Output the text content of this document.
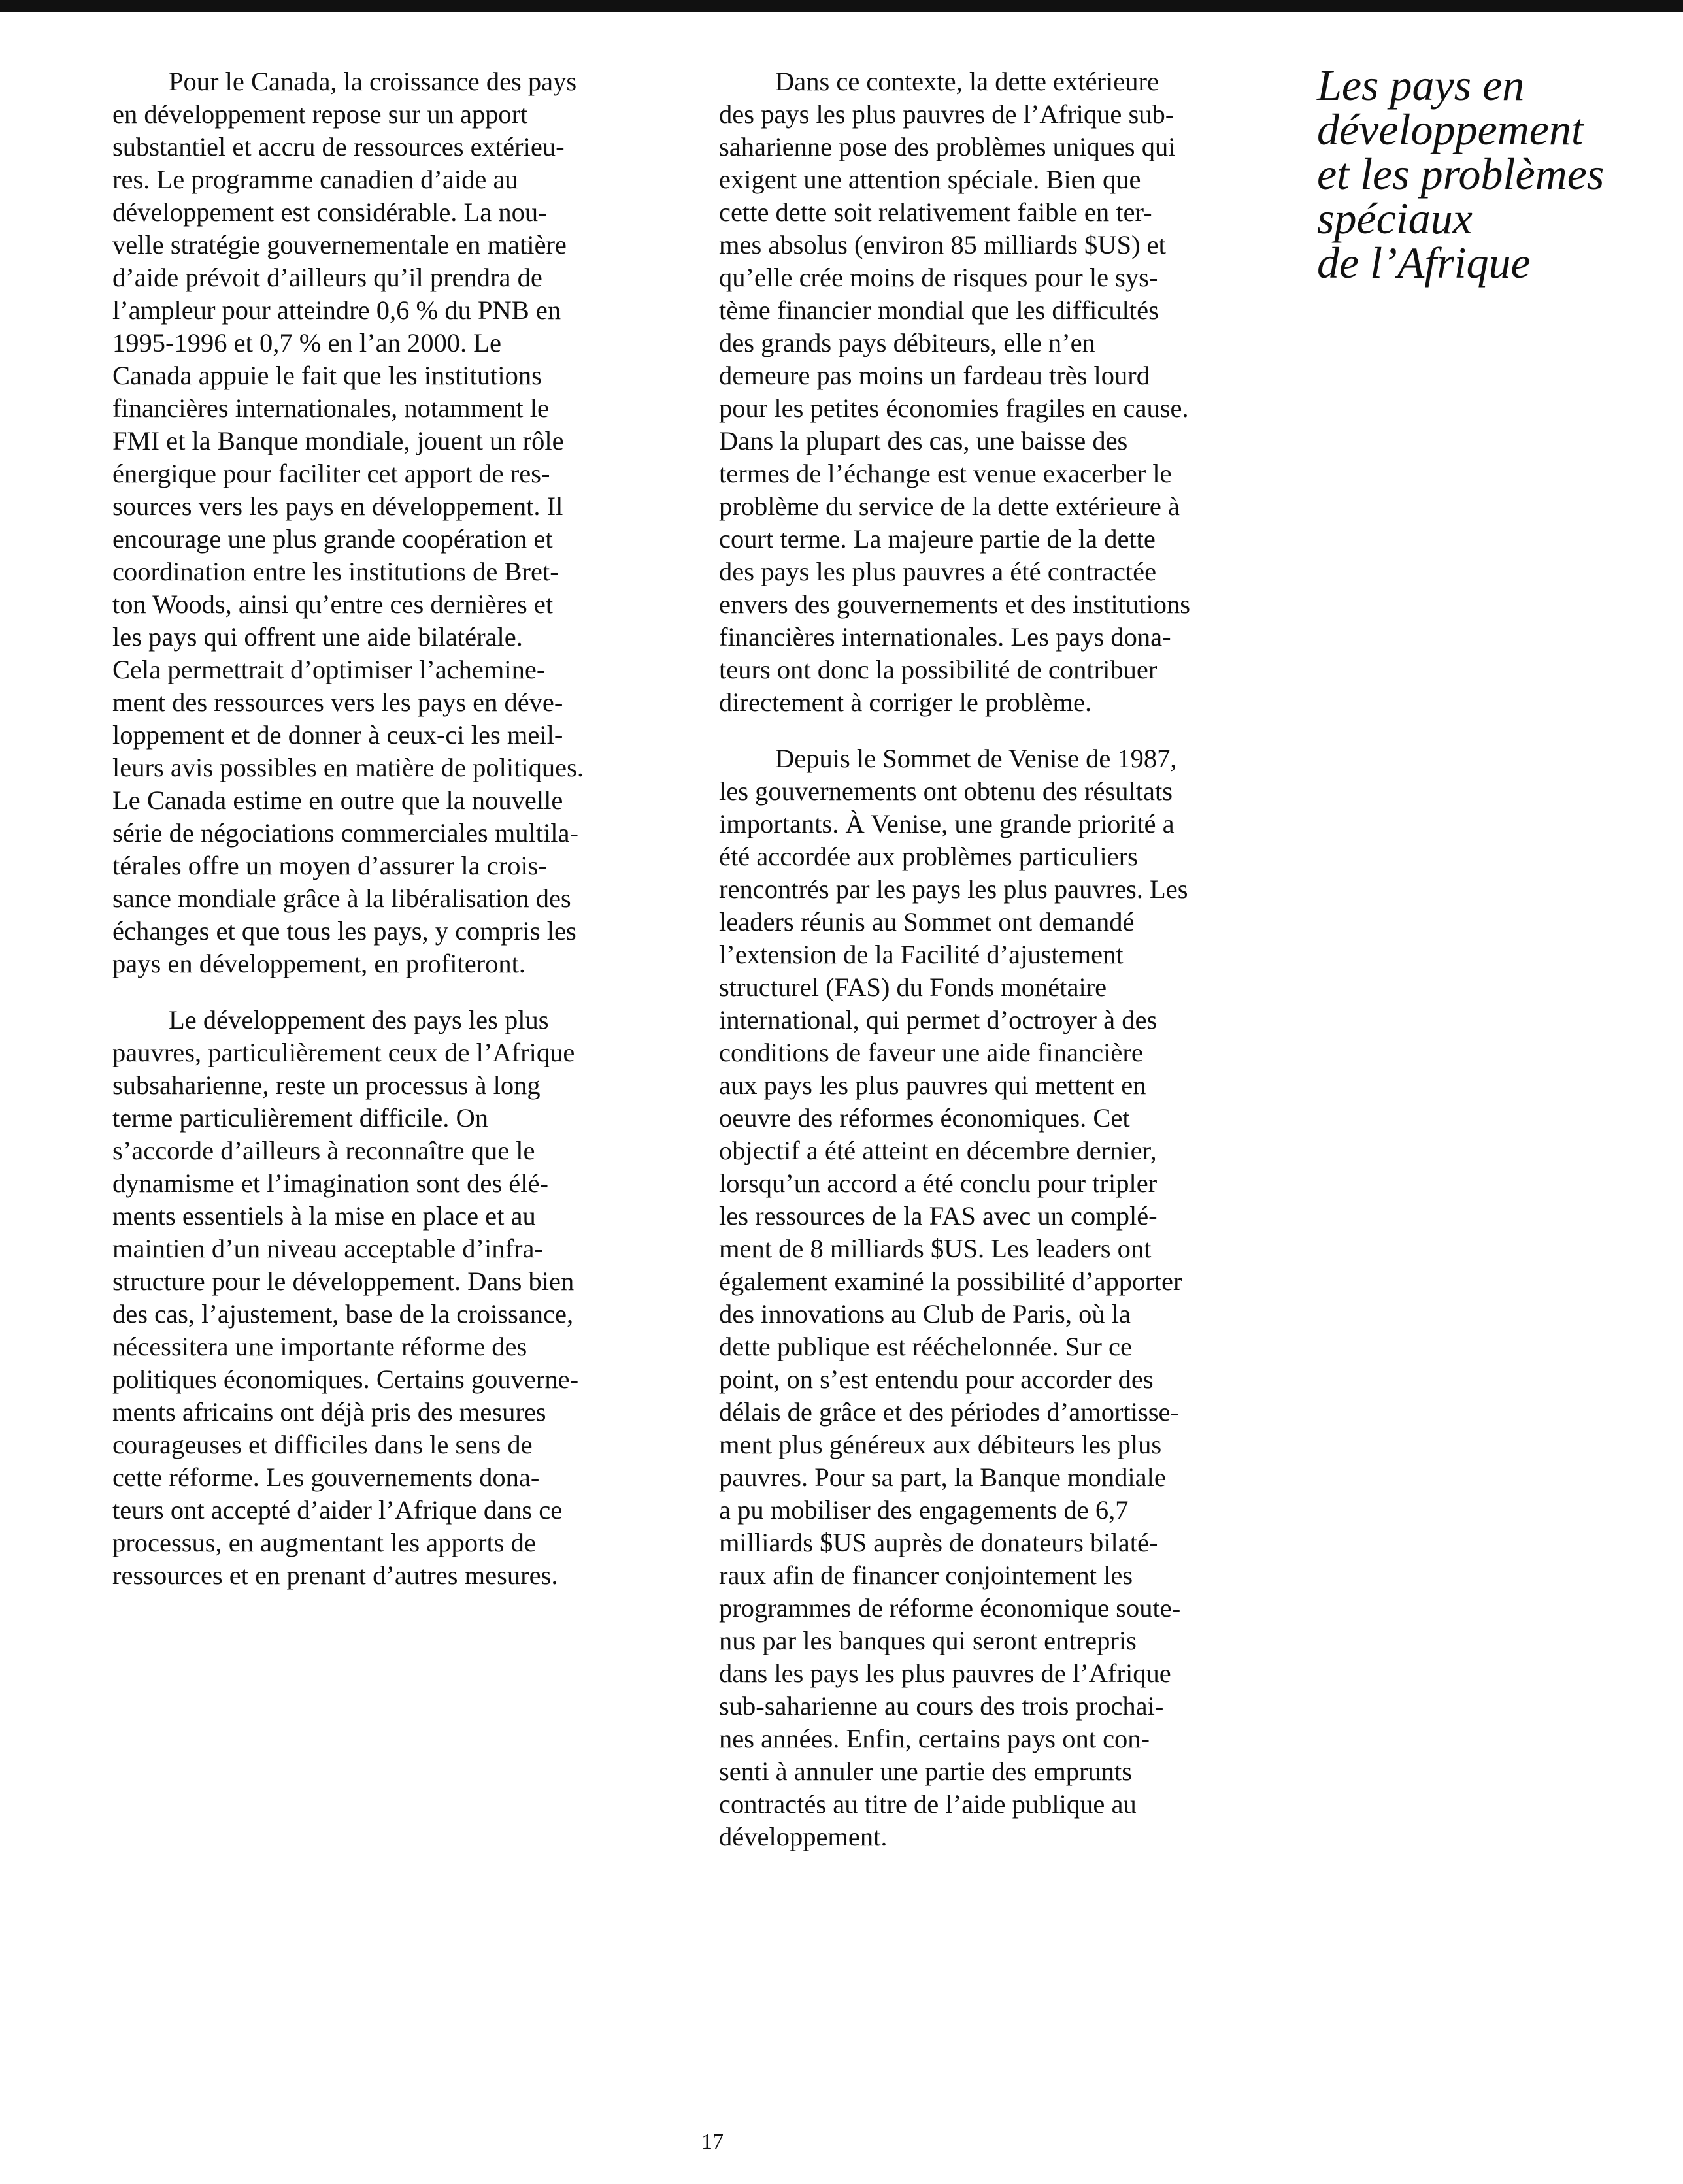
Pour le Canada, la croissance des pays
en développement repose sur un apport
substantiel et accru de ressources extérieu-
res. Le programme canadien d’aide au
développement est considérable. La nou-
velle stratégie gouvernementale en matière
d’aide prévoit d’ailleurs qu’il prendra de
l’ampleur pour atteindre 0,6 % du PNB en
1995-1996 et 0,7 % en l’an 2000. Le
Canada appuie le fait que les institutions
financières internationales, notamment le
FMI et la Banque mondiale, jouent un rôle
énergique pour faciliter cet apport de res-
sources vers les pays en développement. Il
encourage une plus grande coopération et
coordination entre les institutions de Bret-
ton Woods, ainsi qu’entre ces dernières et
les pays qui offrent une aide bilatérale.
Cela permettrait d’optimiser l’achemine-
ment des ressources vers les pays en déve-
loppement et de donner à ceux-ci les meil-
leurs avis possibles en matière de politiques.
Le Canada estime en outre que la nouvelle
série de négociations commerciales multila-
térales offre un moyen d’assurer la crois-
sance mondiale grâce à la libéralisation des
échanges et que tous les pays, y compris les
pays en développement, en profiteront.

Le développement des pays les plus
pauvres, particulièrement ceux de l’Afrique
subsaharienne, reste un processus à long
terme particulièrement difficile. On
s’accorde d’ailleurs à reconnaître que le
dynamisme et l’imagination sont des élé-
ments essentiels à la mise en place et au
maintien d’un niveau acceptable d’infra-
structure pour le développement. Dans bien
des cas, l’ajustement, base de la croissance,
nécessitera une importante réforme des
politiques économiques. Certains gouverne-
ments africains ont déjà pris des mesures
courageuses et difficiles dans le sens de
cette réforme. Les gouvernements dona-
teurs ont accepté d’aider l’Afrique dans ce
processus, en augmentant les apports de
ressources et en prenant d’autres mesures.

Dans ce contexte, la dette extérieure
des pays les plus pauvres de l’Afrique sub-
saharienne pose des problèmes uniques qui
exigent une attention spéciale. Bien que
cette dette soit relativement faible en ter-
mes absolus (environ 85 milliards $US) et
qu’elle crée moins de risques pour le sys-
tème financier mondial que les difficultés
des grands pays débiteurs, elle n’en
demeure pas moins un fardeau très lourd
pour les petites économies fragiles en cause.
Dans la plupart des cas, une baisse des
termes de l’échange est venue exacerber le
problème du service de la dette extérieure à
court terme. La majeure partie de la dette
des pays les plus pauvres a été contractée
envers des gouvernements et des institutions
financières internationales. Les pays dona-
teurs ont donc la possibilité de contribuer
directement à corriger le problème.

Depuis le Sommet de Venise de 1987,
les gouvernements ont obtenu des résultats
importants. À Venise, une grande priorité a
été accordée aux problèmes particuliers
rencontrés par les pays les plus pauvres. Les
leaders réunis au Sommet ont demandé
l’extension de la Facilité d’ajustement
structurel (FAS) du Fonds monétaire
international, qui permet d’octroyer à des
conditions de faveur une aide financière
aux pays les plus pauvres qui mettent en
oeuvre des réformes économiques. Cet
objectif a été atteint en décembre dernier,
lorsqu’un accord a été conclu pour tripler
les ressources de la FAS avec un complé-
ment de 8 milliards $US. Les leaders ont
également examiné la possibilité d’apporter
des innovations au Club de Paris, où la
dette publique est rééchelonnée. Sur ce
point, on s’est entendu pour accorder des
délais de grâce et des périodes d’amortisse-
ment plus généreux aux débiteurs les plus
pauvres. Pour sa part, la Banque mondiale
a pu mobiliser des engagements de 6,7
milliards $US auprès de donateurs bilaté-
raux afin de financer conjointement les
programmes de réforme économique soute-
nus par les banques qui seront entrepris
dans les pays les plus pauvres de l’Afrique
sub-saharienne au cours des trois prochai-
nes années. Enfin, certains pays ont con-
senti à annuler une partie des emprunts
contractés au titre de l’aide publique au
développement.

Les pays en
développement
et les problèmes
spéciaux
de l’Afrique
17
